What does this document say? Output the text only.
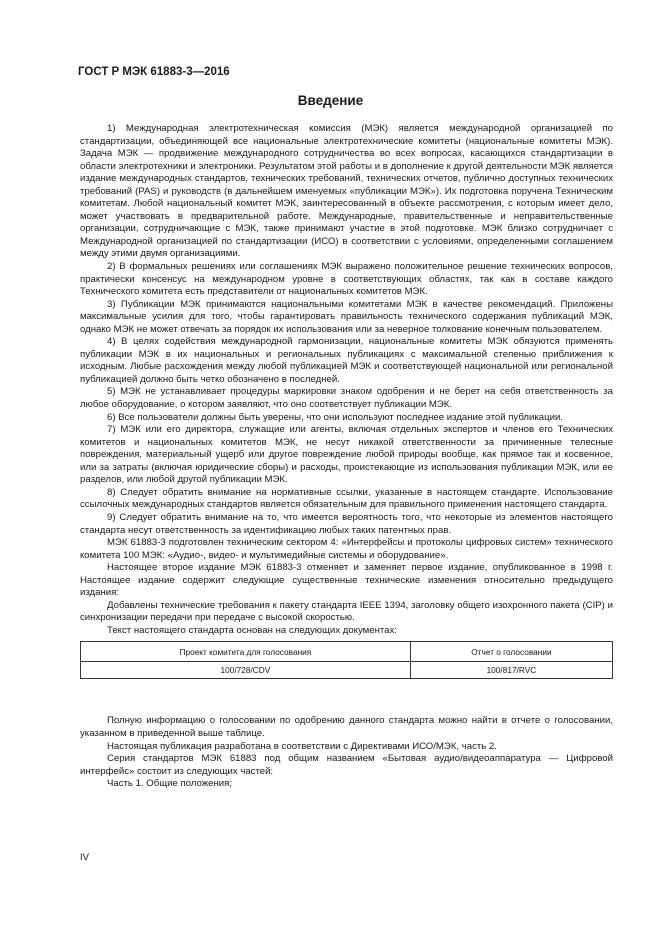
ГОСТ Р МЭК 61883-3—2016
Введение

1) Международная электротехническая комиссия (МЭК) является международной организацией по стандартизации, объединяющей все национальные электротехнические комитеты (национальные комитеты МЭК). Задача МЭК — продвижение международного сотрудничества во всех вопросах, касающихся стандартизации в области электротехники и электроники. Результатом этой работы и в дополнение к другой деятельности МЭК является издание международных стандартов, технических требований, технических отчетов, публично доступных технических требований (PAS) и руководств (в дальнейшем именуемых «публикации МЭК»). Их подготовка поручена Техническим комитетам. Любой национальный комитет МЭК, заинтересованный в объекте рассмотрения, с которым имеет дело, может участвовать в предварительной работе. Международные, правительственные и неправительственные организации, сотрудничающие с МЭК, также принимают участие в этой подготовке. МЭК близко сотрудничает с Международной организацией по стандартизации (ИСО) в соответствии с условиями, определенными соглашением между этими двумя организациями.

2) В формальных решениях или соглашениях МЭК выражено положительное решение технических вопросов, практически консенсус на международном уровне в соответствующих областях, так как в составе каждого Технического комитета есть представители от национальных комитетов МЭК.

3) Публикации МЭК принимаются национальными комитетами МЭК в качестве рекомендаций. Приложены максимальные усилия для того, чтобы гарантировать правильность технического содержания публикаций МЭК, однако МЭК не может отвечать за порядок их использования или за неверное толкование конечным пользователем.

4) В целях содействия международной гармонизации, национальные комитеты МЭК обязуются применять публикации МЭК в их национальных и региональных публикациях с максимальной степенью приближения к исходным. Любые расхождения между любой публикацией МЭК и соответствующей национальной или региональной публикацией должно быть четко обозначено в последней.

5) МЭК не устанавливает процедуры маркировки знаком одобрения и не берет на себя ответственность за любое оборудование, о котором заявляют, что оно соответствует публикации МЭК.

6) Все пользователи должны быть уверены, что они используют последнее издание этой публикации.

7) МЭК или его директора, служащие или агенты, включая отдельных экспертов и членов его Технических комитетов и национальных комитетов МЭК, не несут никакой ответственности за причиненные телесные повреждения, материальный ущерб или другое повреждение любой природы вообще, как прямое так и косвенное, или за затраты (включая юридические сборы) и расходы, проистекающие из использования публикации МЭК, или ее разделов, или любой другой публикации МЭК.

8) Следует обратить внимание на нормативные ссылки, указанные в настоящем стандарте. Использование ссылочных международных стандартов является обязательным для правильного применения настоящего стандарта.

9) Следует обратить внимание на то, что имеется вероятность того, что некоторые из элементов настоящего стандарта несут ответственность за идентификацию любых таких патентных прав.

МЭК 61883-3 подготовлен техническим сектором 4: «Интерфейсы и протоколы цифровых систем» технического комитета 100 МЭК: «Аудио-, видео- и мультимедийные системы и оборудование».

Настоящее второе издание МЭК 61883-3 отменяет и заменяет первое издание, опубликованное в 1998 г. Настоящее издание содержит следующие существенные технические изменения относительно предыдущего издания:

Добавлены технические требования к пакету стандарта IEEE 1394, заголовку общего изохронного пакета (CIP) и синхронизации передачи при передаче с высокой скоростью.

Текст настоящего стандарта основан на следующих документах:

Проект комитета для голосования	Отчет о голосовании
100/728/CDV	100/817/RVC

Полную информацию о голосовании по одобрению данного стандарта можно найти в отчете о голосовании, указанном в приведенной выше таблице.

Настоящая публикация разработана в соответствии с Директивами ИСО/МЭК, часть 2.

Серия стандартов МЭК 61883 под общим названием «Бытовая аудио/видеоаппаратура — Цифровой интерфейс» состоит из следующих частей:

Часть 1. Общие положения;

IV
